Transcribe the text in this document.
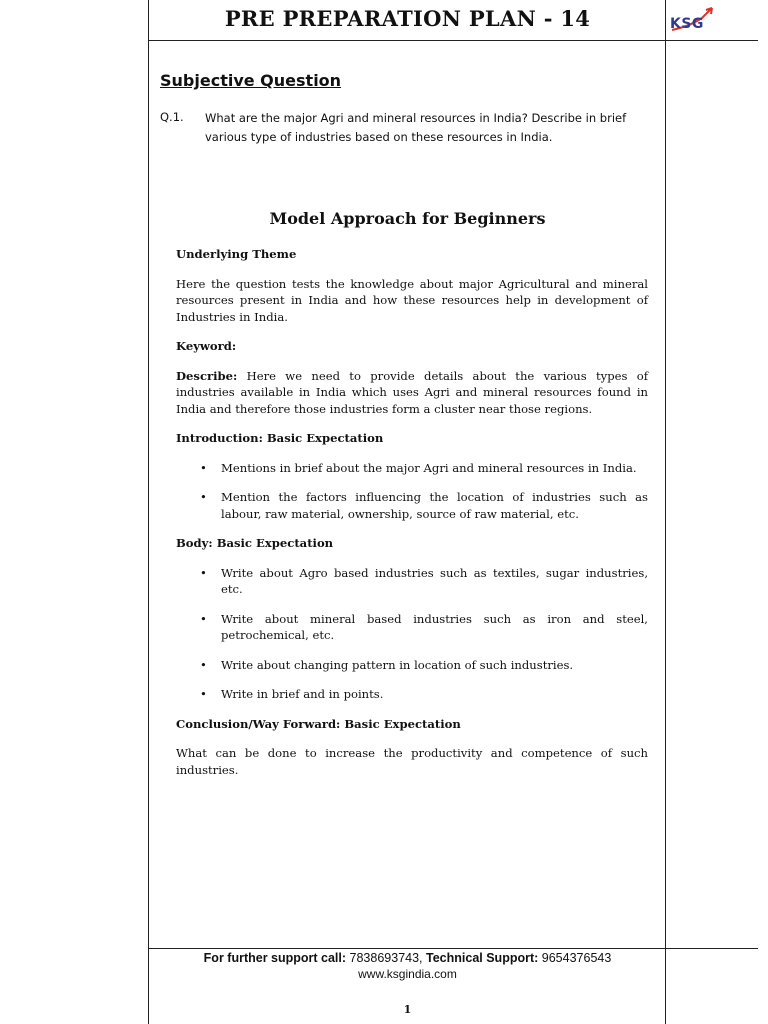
PRE PREPARATION PLAN - 14	KSG
Subjective Question
Q.1. What are the major Agri and mineral resources in India? Describe in brief various type of industries based on these resources in India.
Model Approach for Beginners
Underlying Theme

Here the question tests the knowledge about major Agricultural and mineral resources present in India and how these resources help in development of Industries in India.

Keyword:

Describe: Here we need to provide details about the various types of industries available in India which uses Agri and mineral resources found in India and therefore those industries form a cluster near those regions.

Introduction: Basic Expectation
• Mentions in brief about the major Agri and mineral resources in India.
• Mention the factors influencing the location of industries such as labour, raw material, ownership, source of raw material, etc.
Body: Basic Expectation
• Write about Agro based industries such as textiles, sugar industries, etc.
• Write about mineral based industries such as iron and steel, petrochemical, etc.
• Write about changing pattern in location of such industries.
• Write in brief and in points.
Conclusion/Way Forward: Basic Expectation

What can be done to increase the productivity and competence of such industries.

For further support call: 7838693743, Technical Support: 9654376543
www.ksgindia.com
1
